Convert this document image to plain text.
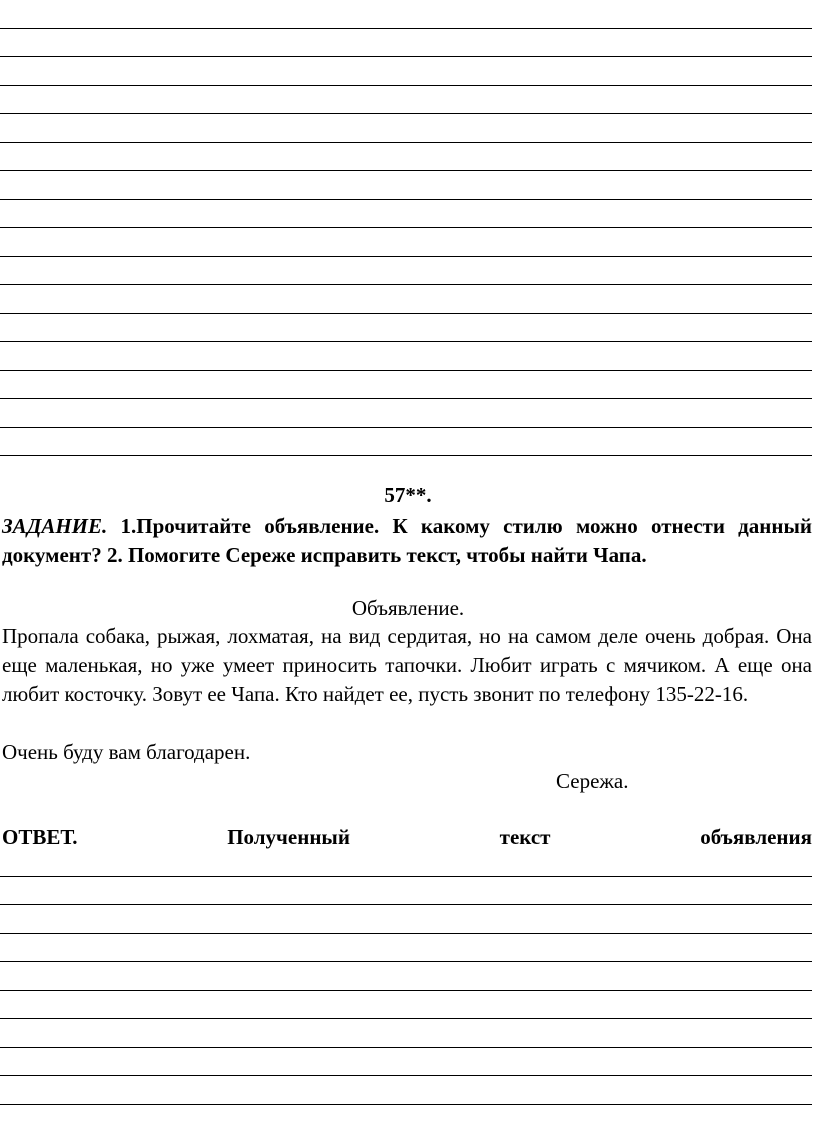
57**.
ЗАДАНИЕ. 1.Прочитайте объявление. К какому стилю можно отнести данный документ? 2. Помогите Сереже исправить текст, чтобы найти Чапа.
Объявление.
Пропала собака, рыжая, лохматая, на вид сердитая, но на самом деле очень добрая. Она еще маленькая, но уже умеет приносить тапочки. Любит играть с мячиком. А еще она любит косточку. Зовут ее Чапа. Кто найдет ее, пусть звонит по телефону 135-22-16.
Очень буду вам благодарен.
Сережа.
ОТВЕТ.	Полученный	текст	объявления
